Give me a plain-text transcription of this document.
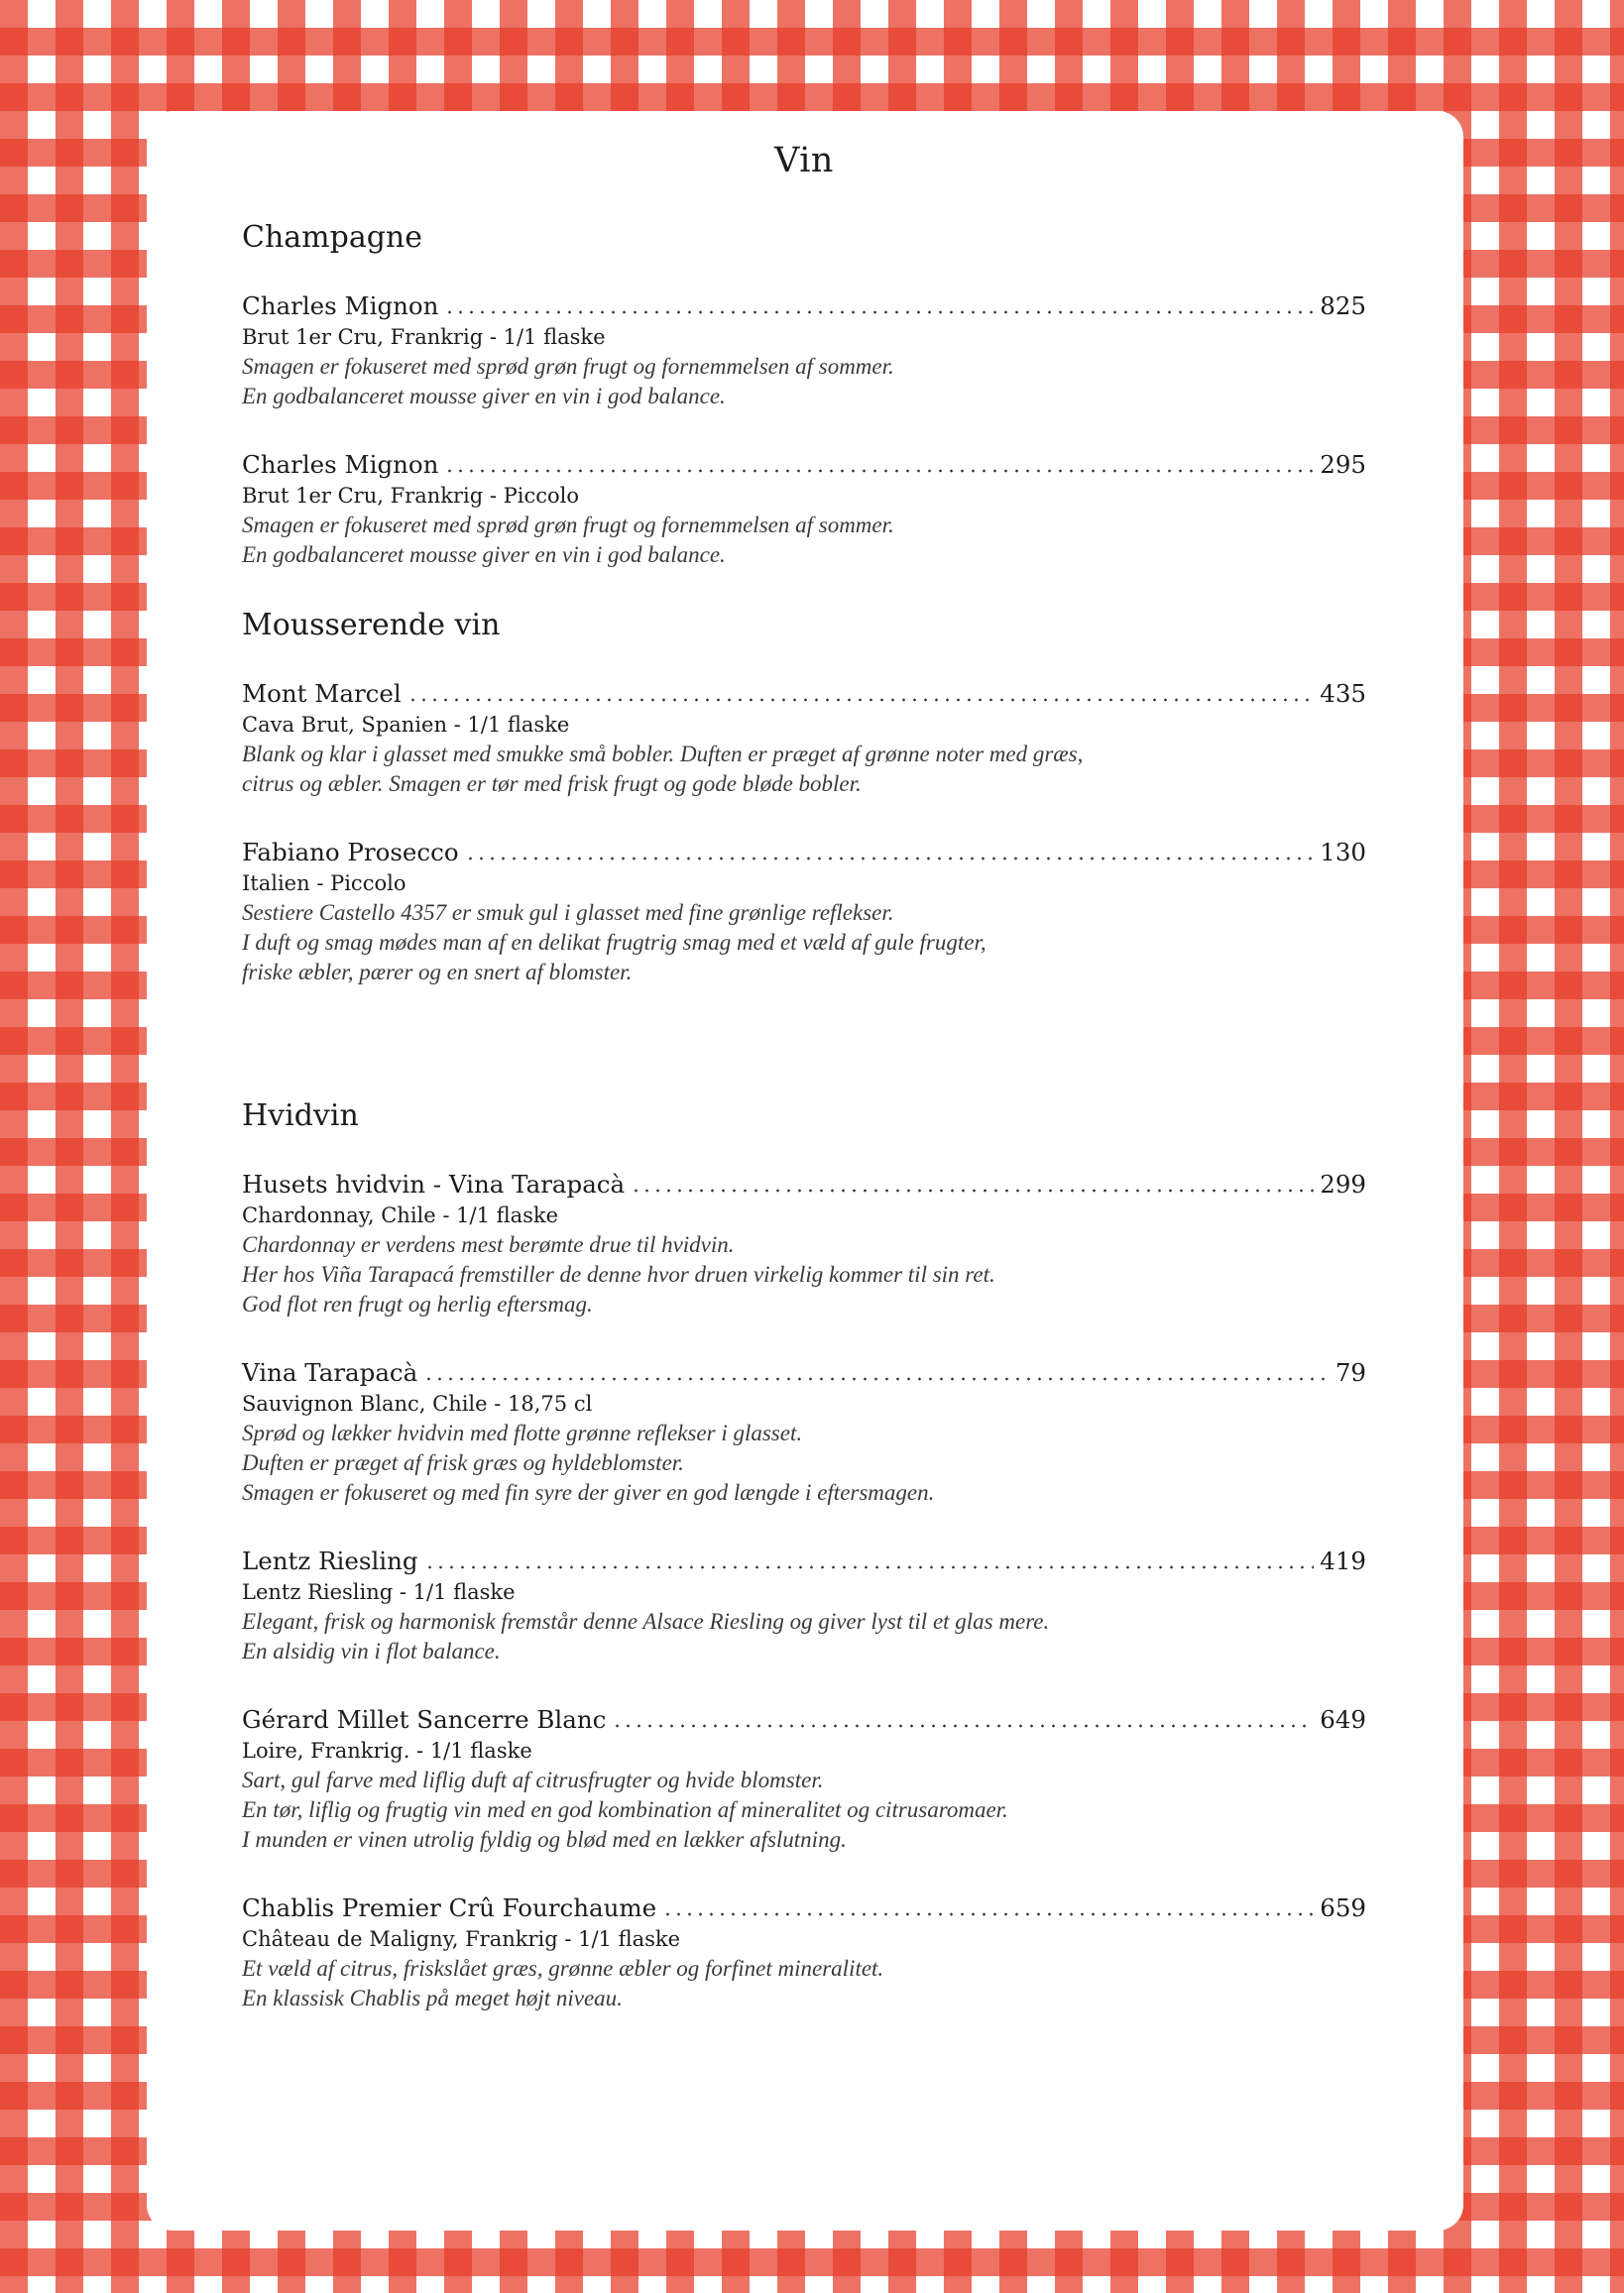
Vin
Champagne
Charles Mignon	825
Brut 1er Cru, Frankrig - 1/1 flaske
Smagen er fokuseret med sprød grøn frugt og fornemmelsen af sommer.
En godbalanceret mousse giver en vin i god balance.
Charles Mignon	295
Brut 1er Cru, Frankrig - Piccolo
Smagen er fokuseret med sprød grøn frugt og fornemmelsen af sommer.
En godbalanceret mousse giver en vin i god balance.
Mousserende vin
Mont Marcel	435
Cava Brut, Spanien - 1/1 flaske
Blank og klar i glasset med smukke små bobler. Duften er præget af grønne noter med græs,
citrus og æbler. Smagen er tør med frisk frugt og gode bløde bobler.
Fabiano Prosecco	130
Italien - Piccolo
Sestiere Castello 4357 er smuk gul i glasset med fine grønlige reflekser.
I duft og smag mødes man af en delikat frugtrig smag med et væld af gule frugter,
friske æbler, pærer og en snert af blomster.
Hvidvin
Husets hvidvin - Vina Tarapacà	299
Chardonnay, Chile - 1/1 flaske
Chardonnay er verdens mest berømte drue til hvidvin.
Her hos Viña Tarapacá fremstiller de denne hvor druen virkelig kommer til sin ret.
God flot ren frugt og herlig eftersmag.
Vina Tarapacà	79
Sauvignon Blanc, Chile - 18,75 cl
Sprød og lækker hvidvin med flotte grønne reflekser i glasset.
Duften er præget af frisk græs og hyldeblomster.
Smagen er fokuseret og med fin syre der giver en god længde i eftersmagen.
Lentz Riesling	419
Lentz Riesling - 1/1 flaske
Elegant, frisk og harmonisk fremstår denne Alsace Riesling og giver lyst til et glas mere.
En alsidig vin i flot balance.
Gérard Millet Sancerre Blanc	649
Loire, Frankrig. - 1/1 flaske
Sart, gul farve med liflig duft af citrusfrugter og hvide blomster.
En tør, liflig og frugtig vin med en god kombination af mineralitet og citrusaromaer.
I munden er vinen utrolig fyldig og blød med en lækker afslutning.
Chablis Premier Crû Fourchaume	659
Château de Maligny, Frankrig - 1/1 flaske
Et væld af citrus, friskslået græs, grønne æbler og forfinet mineralitet.
En klassisk Chablis på meget højt niveau.
